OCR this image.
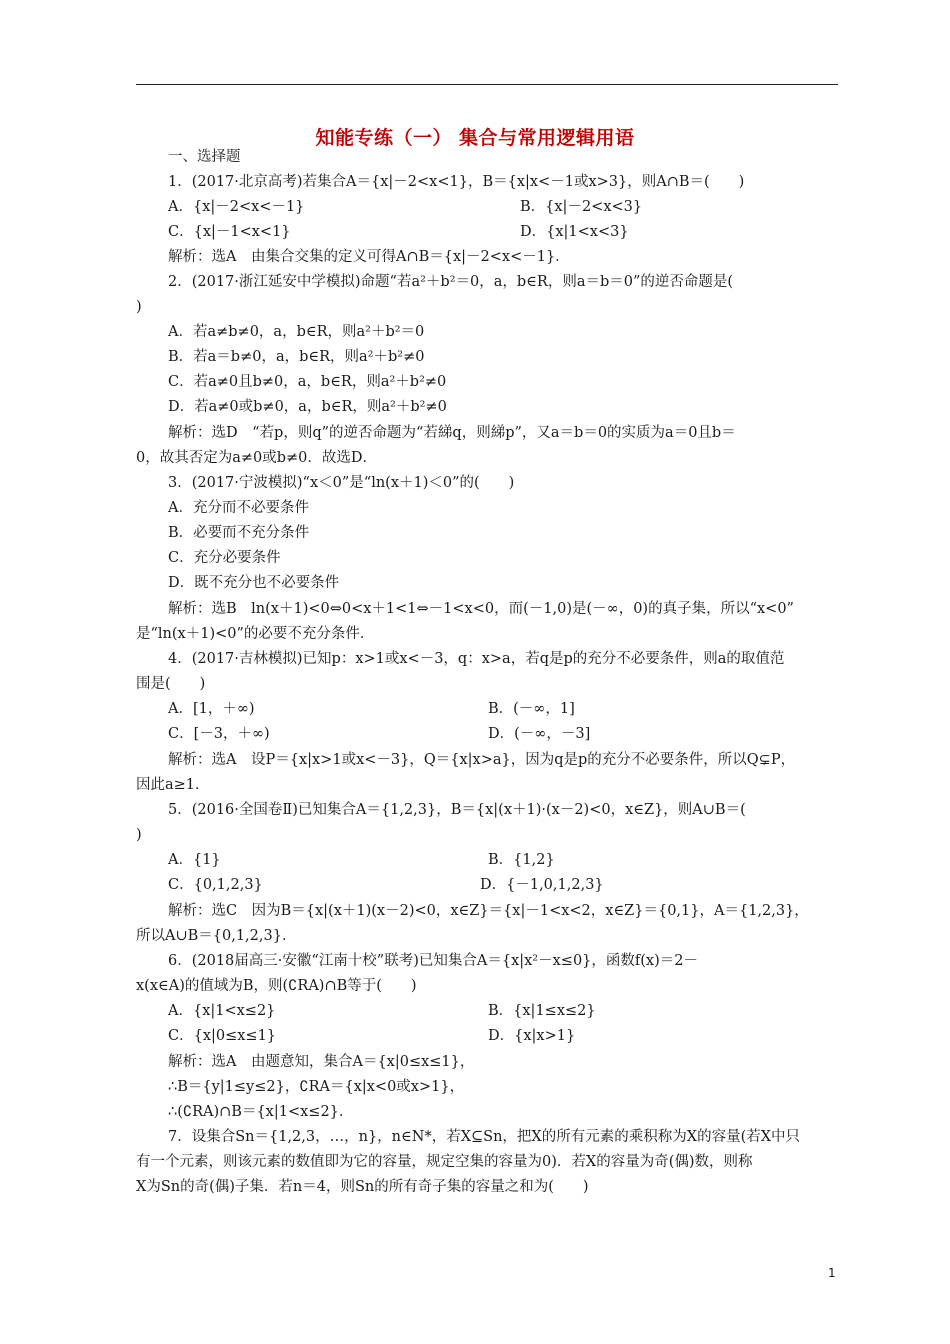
知能专练（一） 集合与常用逻辑用语
一、选择题
1．(2017·北京高考)若集合A＝{x|－2<x<1}，B＝{x|x<－1或x>3}，则A∩B＝(　　)
A．{x|－2<x<－1}	B．{x|－2<x<3}
C．{x|－1<x<1}	D．{x|1<x<3}
解析：选A　由集合交集的定义可得A∩B＝{x|－2<x<－1}．
2．(2017·浙江延安中学模拟)命题“若a²＋b²＝0，a，b∈R，则a＝b＝0”的逆否命题是(
)
A．若a≠b≠0，a，b∈R，则a²＋b²＝0
B．若a＝b≠0，a，b∈R，则a²＋b²≠0
C．若a≠0且b≠0，a，b∈R，则a²＋b²≠0
D．若a≠0或b≠0，a，b∈R，则a²＋b²≠0
解析：选D　“若p，则q”的逆否命题为“若綈q，则綈p”，又a＝b＝0的实质为a＝0且b＝
0，故其否定为a≠0或b≠0．故选D．
3．(2017·宁波模拟)“x＜0”是“ln(x＋1)＜0”的(　　)
A．充分而不必要条件
B．必要而不充分条件
C．充分必要条件
D．既不充分也不必要条件
解析：选B　ln(x＋1)<0⇔0<x＋1<1⇔－1<x<0，而(－1,0)是(－∞，0)的真子集，所以“x<0”
是“ln(x＋1)<0”的必要不充分条件．
4．(2017·吉林模拟)已知p：x>1或x<－3，q：x>a，若q是p的充分不必要条件，则a的取值范
围是(　　)
A．[1，＋∞)	B．(－∞，1]
C．[－3，＋∞)	D．(－∞，－3]
解析：选A　设P＝{x|x>1或x<－3}，Q＝{x|x>a}，因为q是p的充分不必要条件，所以Q⊊P，
因此a≥1．
5．(2016·全国卷Ⅱ)已知集合A＝{1,2,3}，B＝{x|(x＋1)·(x－2)<0，x∈Z}，则A∪B＝(
)
A．{1}	B．{1,2}
C．{0,1,2,3}	D．{－1,0,1,2,3}
解析：选C　因为B＝{x|(x＋1)(x－2)<0，x∈Z}＝{x|－1<x<2，x∈Z}＝{0,1}，A＝{1,2,3}，
所以A∪B＝{0,1,2,3}．
6．(2018届高三·安徽“江南十校”联考)已知集合A＝{x|x²－x≤0}，函数f(x)＝2－
x(x∈A)的值域为B，则(∁RA)∩B等于(　　)
A．{x|1<x≤2}	B．{x|1≤x≤2}
C．{x|0≤x≤1}	D．{x|x>1}
解析：选A　由题意知，集合A＝{x|0≤x≤1}，
∴B＝{y|1≤y≤2}，∁RA＝{x|x<0或x>1}，
∴(∁RA)∩B＝{x|1<x≤2}．
7．设集合Sn＝{1,2,3，…，n}，n∈N*，若X⊆Sn，把X的所有元素的乘积称为X的容量(若X中只
有一个元素，则该元素的数值即为它的容量，规定空集的容量为0)．若X的容量为奇(偶)数，则称
X为Sn的奇(偶)子集．若n＝4，则Sn的所有奇子集的容量之和为(　　)
1
